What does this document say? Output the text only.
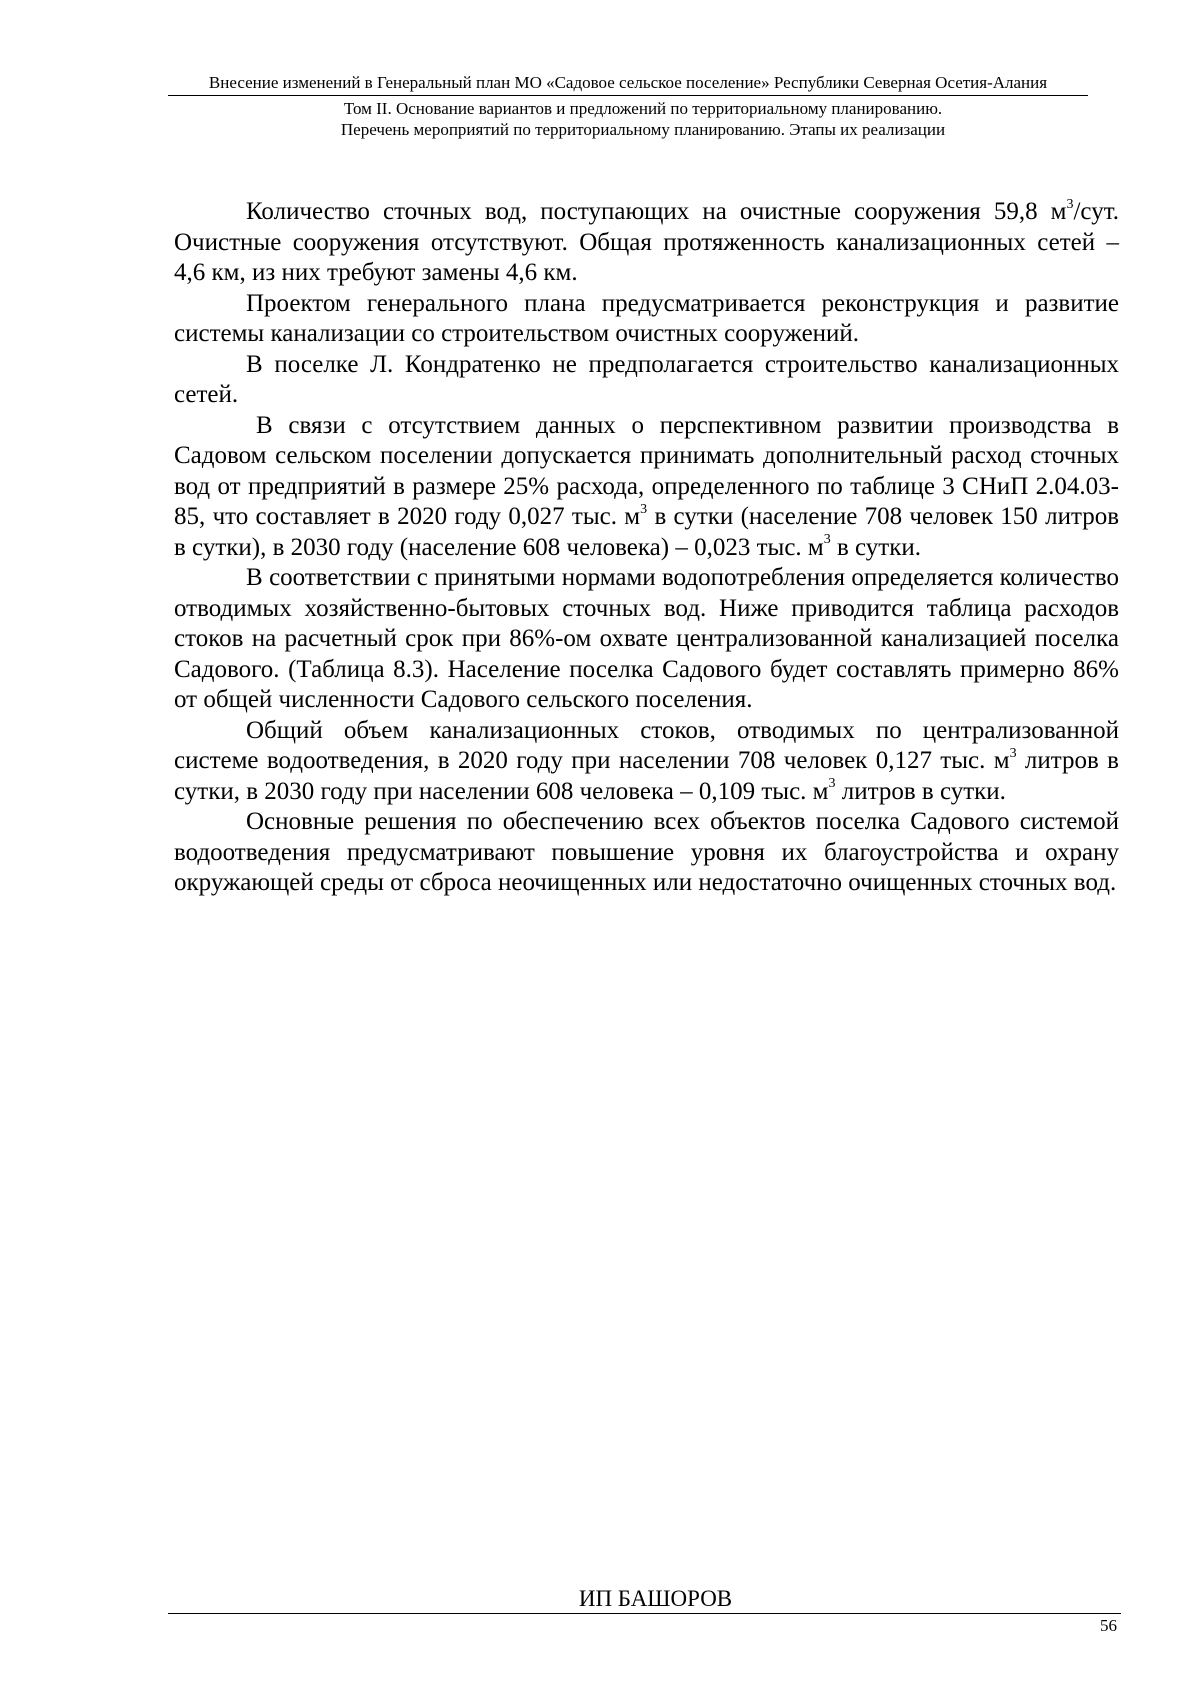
Внесение изменений в Генеральный план МО «Садовое сельское поселение» Республики Северная Осетия-Алания
Том II. Основание вариантов и предложений по территориальному планированию.
Перечень мероприятий по территориальному планированию. Этапы их реализации

Количество сточных вод, поступающих на очистные сооружения 59,8 $м^3$/сут. Очистные сооружения отсутствуют. Общая протяженность канализационных сетей – 4,6 км, из них требуют замены 4,6 км.

Проектом генерального плана предусматривается реконструкция и развитие системы канализации со строительством очистных сооружений.

В поселке Л. Кондратенко не предполагается строительство канализационных сетей.

В связи с отсутствием данных о перспективном развитии производства в Садовом сельском поселении допускается принимать дополнительный расход сточных вод от предприятий в размере 25% расхода, определенного по таблице 3 СНиП 2.04.03-85, что составляет в 2020 году 0,027 тыс. $м^3$ в сутки (население 708 человек 150 литров в сутки), в 2030 году (население 608 человека) – 0,023 тыс. $м^3$ в сутки.

В соответствии с принятыми нормами водопотребления определяется количество отводимых хозяйственно-бытовых сточных вод. Ниже приводится таблица расходов стоков на расчетный срок при 86%-ом охвате централизованной канализацией поселка Садового. (Таблица 8.3). Население поселка Садового будет составлять примерно 86% от общей численности Садового сельского поселения.

Общий объем канализационных стоков, отводимых по централизованной системе водоотведения, в 2020 году при населении 708 человек 0,127 тыс. $м^3$ литров в сутки, в 2030 году при населении 608 человека – 0,109 тыс. $м^3$ литров в сутки.

Основные решения по обеспечению всех объектов поселка Садового системой водоотведения предусматривают повышение уровня их благоустройства и охрану окружающей среды от сброса неочищенных или недостаточно очищенных сточных вод.

ИП БАШОРОВ
56
